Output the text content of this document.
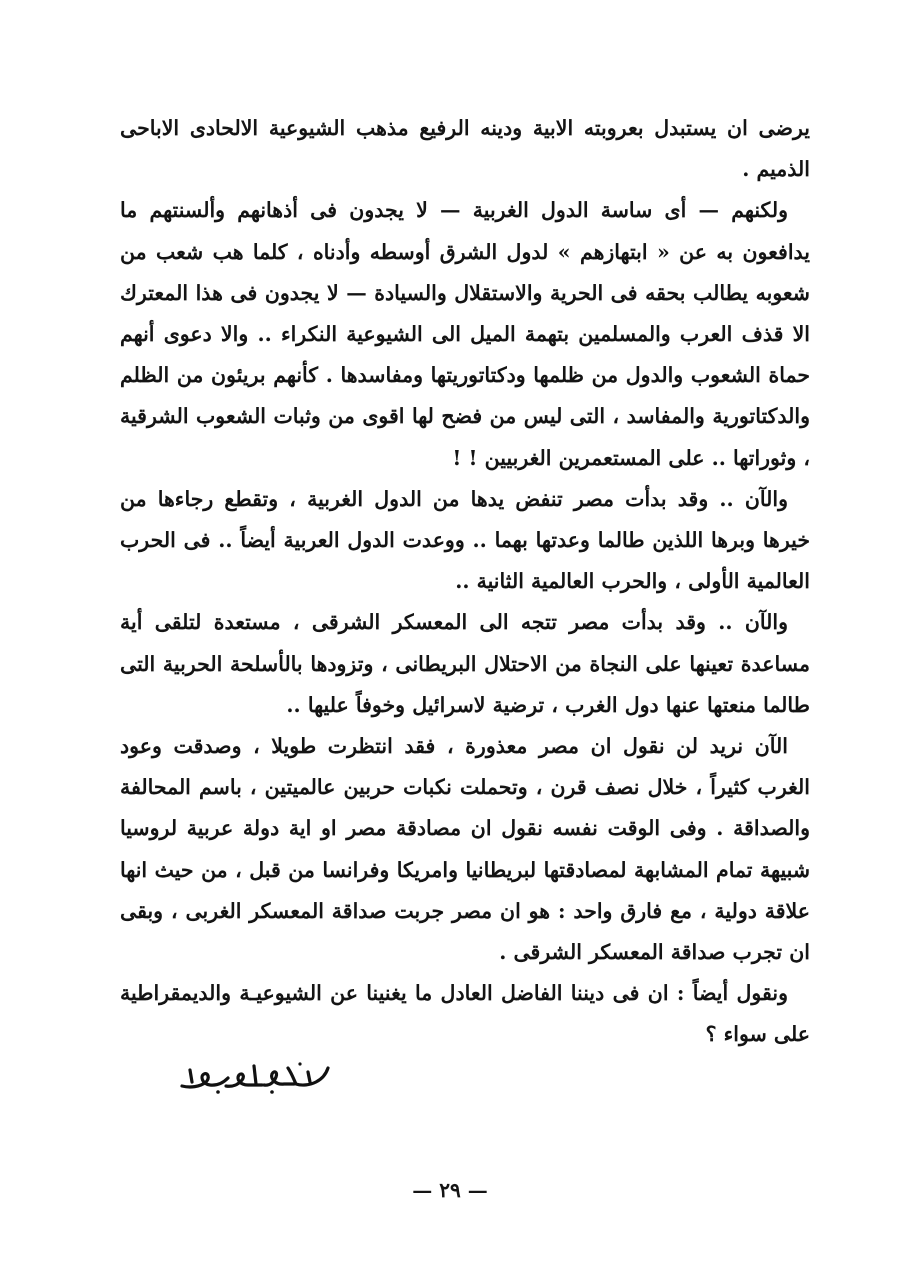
يرضى ان يستبدل بعروبته الابية ودينه الرفيع مذهب الشيوعية الالحادى الاباحى الذميم .

ولكنهم — أى ساسة الدول الغربية — لا يجدون فى أذهانهم وألسنتهم ما يدافعون به عن « ابتهازهم » لدول الشرق أوسطه وأدناه ، كلما هب شعب من شعوبه يطالب بحقه فى الحرية والاستقلال والسيادة — لا يجدون فى هذا المعترك الا قذف العرب والمسلمين بتهمة الميل الى الشيوعية النكراء .. والا دعوى أنهم حماة الشعوب والدول من ظلمها ودكتاتوريتها ومفاسدها . كأنهم بريئون من الظلم والدكتاتورية والمفاسد ، التى ليس من فضح لها اقوى من وثبات الشعوب الشرقية ، وثوراتها .. على المستعمرين الغربيين ! !

والآن .. وقد بدأت مصر تنفض يدها من الدول الغربية ، وتقطع رجاءها من خيرها وبرها اللذين طالما وعدتها بهما .. ووعدت الدول العربية أيضاً .. فى الحرب العالمية الأولى ، والحرب العالمية الثانية ..

والآن .. وقد بدأت مصر تتجه الى المعسكر الشرقى ، مستعدة لتلقى أية مساعدة تعينها على النجاة من الاحتلال البريطانى ، وتزودها بالأسلحة الحربية التى طالما منعتها عنها دول الغرب ، ترضية لاسرائيل وخوفاً عليها ..

الآن نريد لن نقول ان مصر معذورة ، فقد انتظرت طويلا ، وصدقت وعود الغرب كثيراً ، خلال نصف قرن ، وتحملت نكبات حربين عالميتين ، باسم المحالفة والصداقة . وفى الوقت نفسه نقول ان مصادقة مصر او اية دولة عربية لروسيا شبيهة تمام المشابهة لمصادقتها لبريطانيا وامريكا وفرانسا من قبل ، من حيث انها علاقة دولية ، مع فارق واحد : هو ان مصر جربت صداقة المعسكر الغربى ، وبقى ان تجرب صداقة المعسكر الشرقى .

ونقول أيضاً : ان فى ديننا الفاضل العادل ما يغنينا عن الشيوعيـة والديمقراطية على سواء ؟

— ٢٩ —
